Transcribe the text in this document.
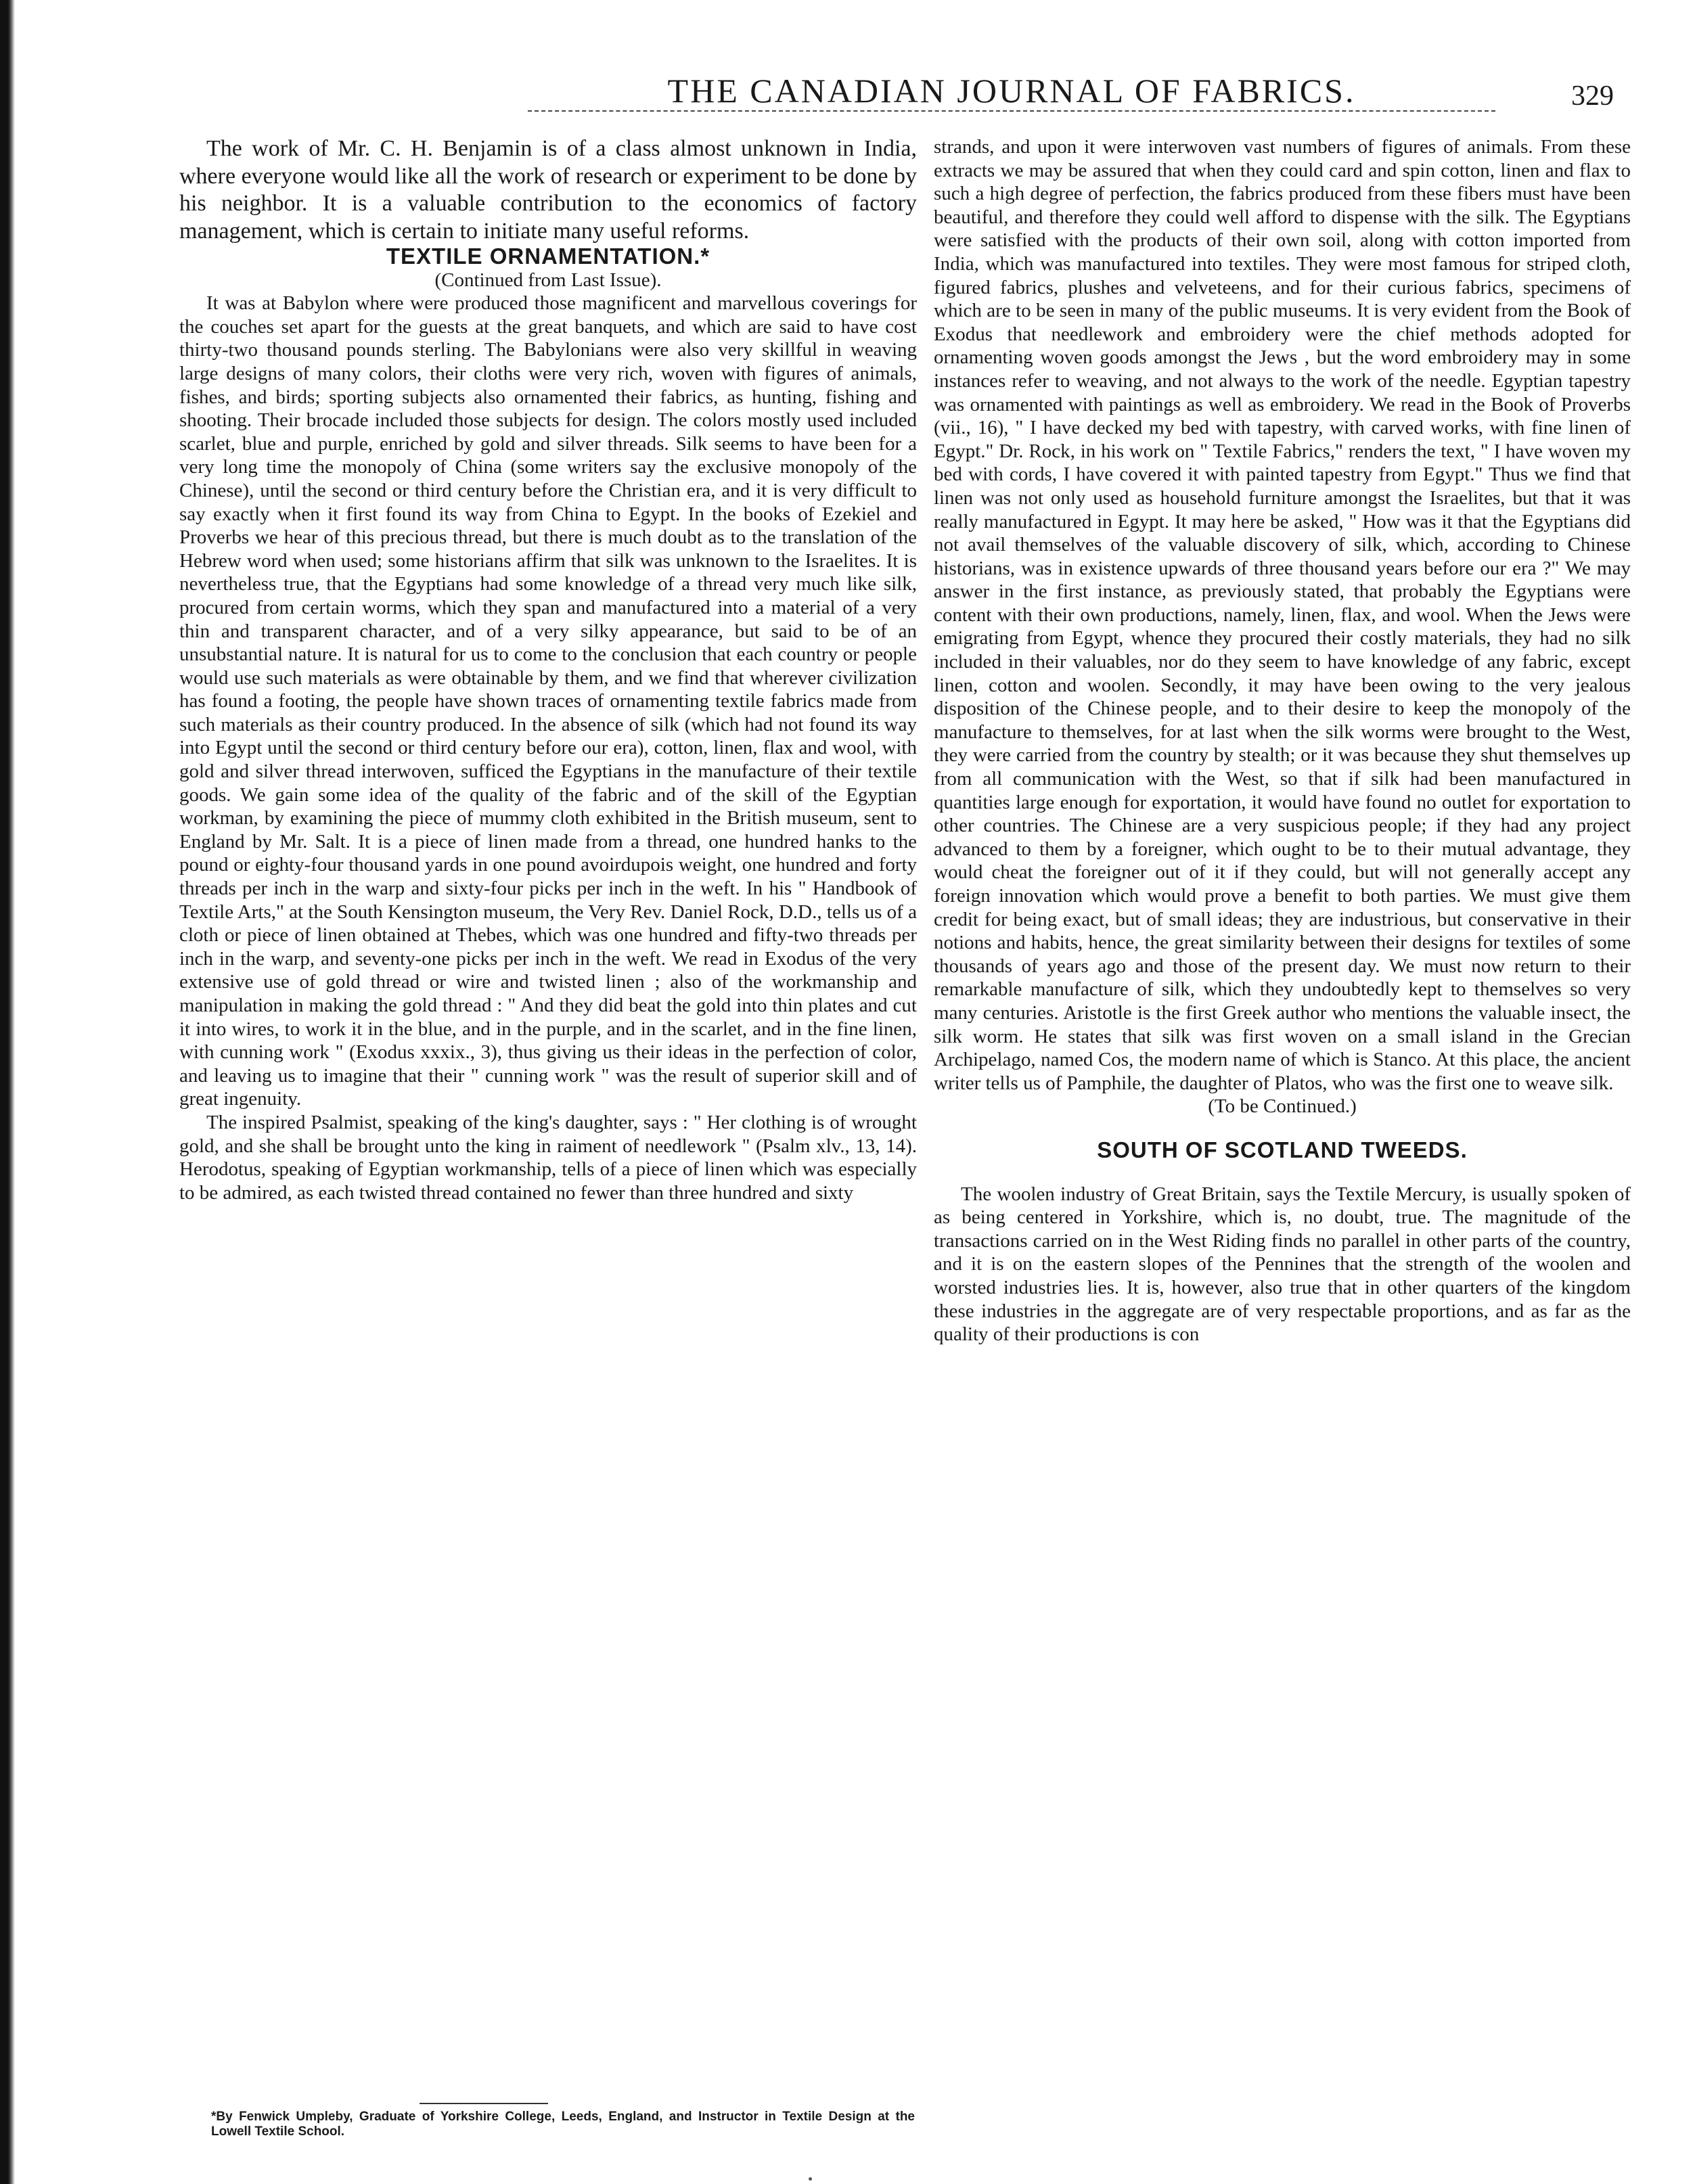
THE CANADIAN JOURNAL OF FABRICS.	329

The work of Mr. C. H. Benjamin is of a class almost unknown in India, where everyone would like all the work of research or experiment to be done by his neighbor. It is a valuable contribution to the economics of factory management, which is certain to initiate many useful reforms.

TEXTILE ORNAMENTATION.*

(Continued from Last Issue).

It was at Babylon where were produced those magnificent and marvellous coverings for the couches set apart for the guests at the great banquets, and which are said to have cost thirty-two thousand pounds sterling. The Babylonians were also very skillful in weaving large designs of many colors, their cloths were very rich, woven with figures of animals, fishes, and birds; sporting subjects also ornamented their fabrics, as hunting, fishing and shooting. Their brocade included those subjects for design. The colors mostly used included scarlet, blue and purple, enriched by gold and silver threads. Silk seems to have been for a very long time the monopoly of China (some writers say the exclusive monopoly of the Chinese), until the second or third century before the Christian era, and it is very difficult to say exactly when it first found its way from China to Egypt. In the books of Ezekiel and Proverbs we hear of this precious thread, but there is much doubt as to the translation of the Hebrew word when used; some historians affirm that silk was unknown to the Israelites. It is nevertheless true, that the Egyptians had some knowledge of a thread very much like silk, procured from certain worms, which they span and manufactured into a material of a very thin and transparent character, and of a very silky appearance, but said to be of an unsubstantial nature. It is natural for us to come to the conclusion that each country or people would use such materials as were obtainable by them, and we find that wherever civilization has found a footing, the people have shown traces of ornamenting textile fabrics made from such materials as their country produced. In the absence of silk (which had not found its way into Egypt until the second or third century before our era), cotton, linen, flax and wool, with gold and silver thread interwoven, sufficed the Egyptians in the manufacture of their textile goods. We gain some idea of the quality of the fabric and of the skill of the Egyptian workman, by examining the piece of mummy cloth exhibited in the British museum, sent to England by Mr. Salt. It is a piece of linen made from a thread, one hundred hanks to the pound or eighty-four thousand yards in one pound avoirdupois weight, one hundred and forty threads per inch in the warp and sixty-four picks per inch in the weft. In his " Handbook of Textile Arts," at the South Kensington museum, the Very Rev. Daniel Rock, D.D., tells us of a cloth or piece of linen obtained at Thebes, which was one hundred and fifty-two threads per inch in the warp, and seventy-one picks per inch in the weft. We read in Exodus of the very extensive use of gold thread or wire and twisted linen ; also of the workmanship and manipulation in making the gold thread : " And they did beat the gold into thin plates and cut it into wires, to work it in the blue, and in the purple, and in the scarlet, and in the fine linen, with cunning work " (Exodus xxxix., 3), thus giving us their ideas in the perfection of color, and leaving us to imagine that their " cunning work " was the result of superior skill and of great ingenuity.

The inspired Psalmist, speaking of the king's daughter, says : " Her clothing is of wrought gold, and she shall be brought unto the king in raiment of needlework " (Psalm xlv., 13, 14). Herodotus, speaking of Egyptian workmanship, tells of a piece of linen which was especially to be admired, as each twisted thread contained no fewer than three hundred and sixty

*By Fenwick Umpleby, Graduate of Yorkshire College, Leeds, England, and Instructor in Textile Design at the Lowell Textile School.

strands, and upon it were interwoven vast numbers of figures of animals. From these extracts we may be assured that when they could card and spin cotton, linen and flax to such a high degree of perfection, the fabrics produced from these fibers must have been beautiful, and therefore they could well afford to dispense with the silk. The Egyptians were satisfied with the products of their own soil, along with cotton imported from India, which was manufactured into textiles. They were most famous for striped cloth, figured fabrics, plushes and velveteens, and for their curious fabrics, specimens of which are to be seen in many of the public museums. It is very evident from the Book of Exodus that needlework and embroidery were the chief methods adopted for ornamenting woven goods amongst the Jews , but the word embroidery may in some instances refer to weaving, and not always to the work of the needle. Egyptian tapestry was ornamented with paintings as well as embroidery. We read in the Book of Proverbs (vii., 16), " I have decked my bed with tapestry, with carved works, with fine linen of Egypt." Dr. Rock, in his work on " Textile Fabrics," renders the text, " I have woven my bed with cords, I have covered it with painted tapestry from Egypt." Thus we find that linen was not only used as household furniture amongst the Israelites, but that it was really manufactured in Egypt. It may here be asked, " How was it that the Egyptians did not avail themselves of the valuable discovery of silk, which, according to Chinese historians, was in existence upwards of three thousand years before our era ?" We may answer in the first instance, as previously stated, that probably the Egyptians were content with their own productions, namely, linen, flax, and wool. When the Jews were emigrating from Egypt, whence they procured their costly materials, they had no silk included in their valuables, nor do they seem to have knowledge of any fabric, except linen, cotton and woolen. Secondly, it may have been owing to the very jealous disposition of the Chinese people, and to their desire to keep the monopoly of the manufacture to themselves, for at last when the silk worms were brought to the West, they were carried from the country by stealth; or it was because they shut themselves up from all communication with the West, so that if silk had been manufactured in quantities large enough for exportation, it would have found no outlet for exportation to other countries. The Chinese are a very suspicious people; if they had any project advanced to them by a foreigner, which ought to be to their mutual advantage, they would cheat the foreigner out of it if they could, but will not generally accept any foreign innovation which would prove a benefit to both parties. We must give them credit for being exact, but of small ideas; they are industrious, but conservative in their notions and habits, hence, the great similarity between their designs for textiles of some thousands of years ago and those of the present day. We must now return to their remarkable manufacture of silk, which they undoubtedly kept to themselves so very many centuries. Aristotle is the first Greek author who mentions the valuable insect, the silk worm. He states that silk was first woven on a small island in the Grecian Archipelago, named Cos, the modern name of which is Stanco. At this place, the ancient writer tells us of Pamphile, the daughter of Platos, who was the first one to weave silk.

(To be Continued.)

SOUTH OF SCOTLAND TWEEDS.

The woolen industry of Great Britain, says the Textile Mercury, is usually spoken of as being centered in Yorkshire, which is, no doubt, true. The magnitude of the transactions carried on in the West Riding finds no parallel in other parts of the country, and it is on the eastern slopes of the Pennines that the strength of the woolen and worsted industries lies. It is, however, also true that in other quarters of the kingdom these industries in the aggregate are of very respectable proportions, and as far as the quality of their productions is con
